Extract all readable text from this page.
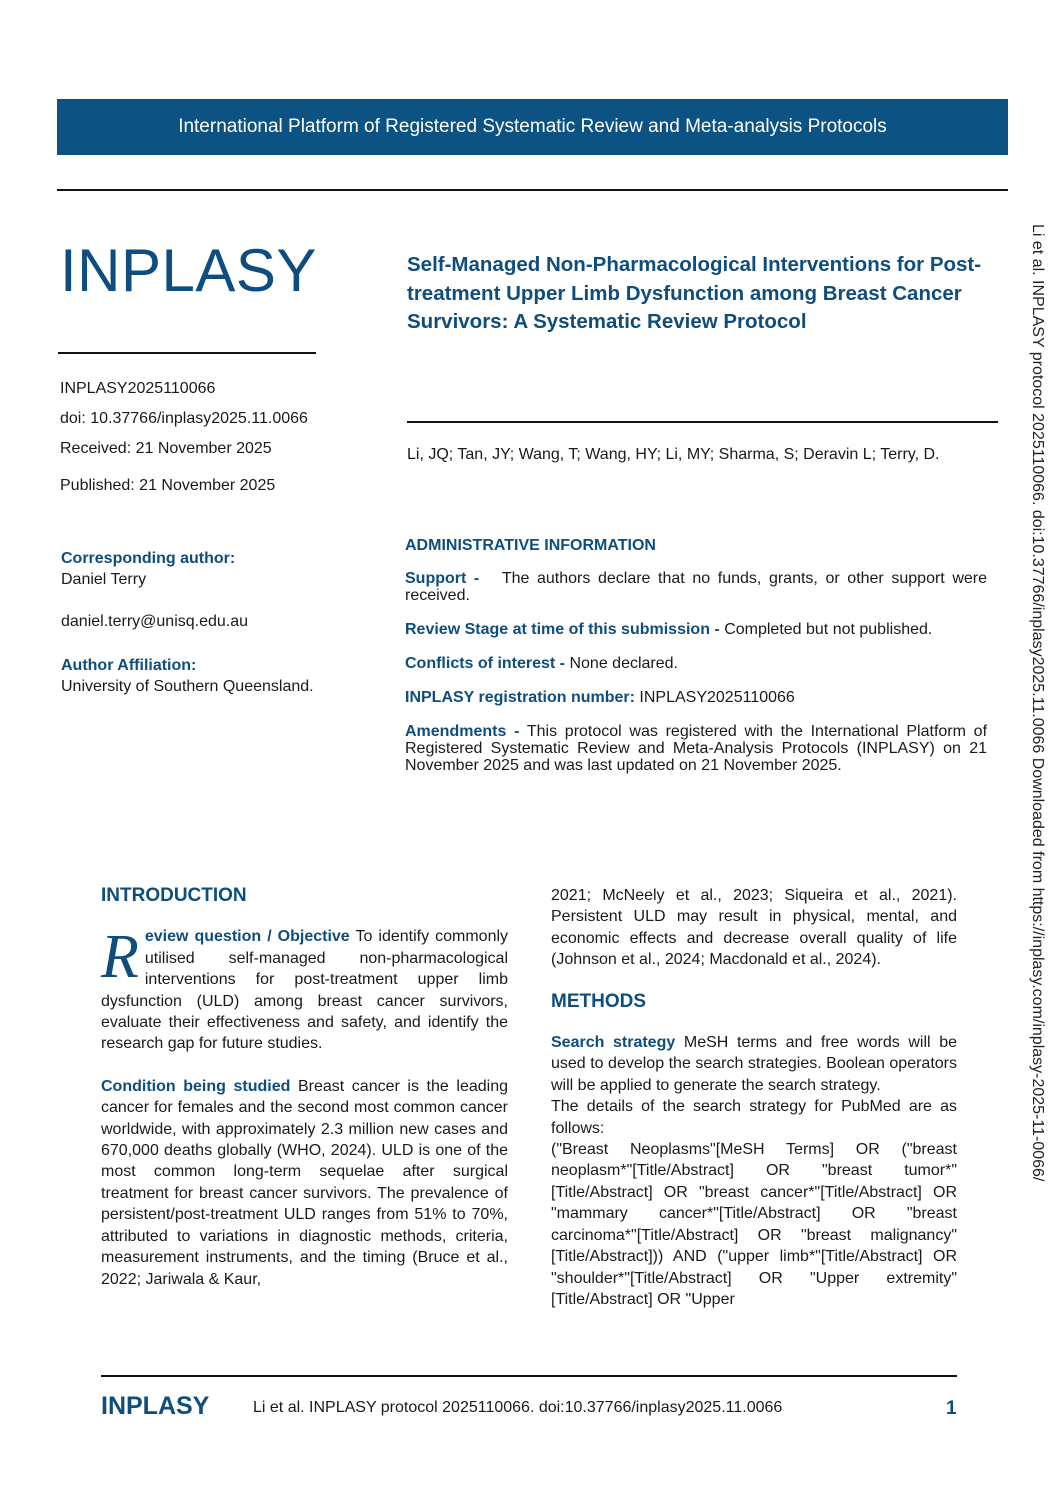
International Platform of Registered Systematic Review and Meta-analysis Protocols
INPLASY	Self-Managed Non-Pharmacological Interventions for Post-treatment Upper Limb Dysfunction among Breast Cancer Survivors: A Systematic Review Protocol
INPLASY2025110066
doi: 10.37766/inplasy2025.11.0066
Received: 21 November 2025
Published: 21 November 2025
Li, JQ; Tan, JY; Wang, T; Wang, HY; Li, MY; Sharma, S; Deravin L; Terry, D.
Corresponding author:
Daniel Terry
daniel.terry@unisq.edu.au
Author Affiliation:
University of Southern Queensland.
ADMINISTRATIVE INFORMATION

Support - The authors declare that no funds, grants, or other support were received.

Review Stage at time of this submission - Completed but not published.

Conflicts of interest - None declared.

INPLASY registration number: INPLASY2025110066

Amendments - This protocol was registered with the International Platform of Registered Systematic Review and Meta-Analysis Protocols (INPLASY) on 21 November 2025 and was last updated on 21 November 2025.

INTRODUCTION

Review question / Objective To identify commonly utilised self-managed non-pharmacological interventions for post-treatment upper limb dysfunction (ULD) among breast cancer survivors, evaluate their effectiveness and safety, and identify the research gap for future studies.

Condition being studied Breast cancer is the leading cancer for females and the second most common cancer worldwide, with approximately 2.3 million new cases and 670,000 deaths globally (WHO, 2024). ULD is one of the most common long-term sequelae after surgical treatment for breast cancer survivors. The prevalence of persistent/post-treatment ULD ranges from 51% to 70%, attributed to variations in diagnostic methods, criteria, measurement instruments, and the timing (Bruce et al., 2022; Jariwala & Kaur,

2021; McNeely et al., 2023; Siqueira et al., 2021). Persistent ULD may result in physical, mental, and economic effects and decrease overall quality of life (Johnson et al., 2024; Macdonald et al., 2024).

METHODS

Search strategy MeSH terms and free words will be used to develop the search strategies. Boolean operators will be applied to generate the search strategy.

The details of the search strategy for PubMed are as follows:

("Breast Neoplasms"[MeSH Terms] OR ("breast neoplasm*"[Title/Abstract] OR "breast tumor*"[Title/Abstract] OR "breast cancer*"[Title/Abstract] OR "mammary cancer*"[Title/Abstract] OR "breast carcinoma*"[Title/Abstract] OR "breast malignancy"[Title/Abstract])) AND ("upper limb*"[Title/Abstract] OR "shoulder*"[Title/Abstract] OR "Upper extremity"[Title/Abstract] OR "Upper

Li et al. INPLASY protocol 2025110066. doi:10.37766/inplasy2025.11.0066 Downloaded from https://inplasy.com/inplasy-2025-11-0066/
INPLASY	Li et al. INPLASY protocol 2025110066. doi:10.37766/inplasy2025.11.0066	1
